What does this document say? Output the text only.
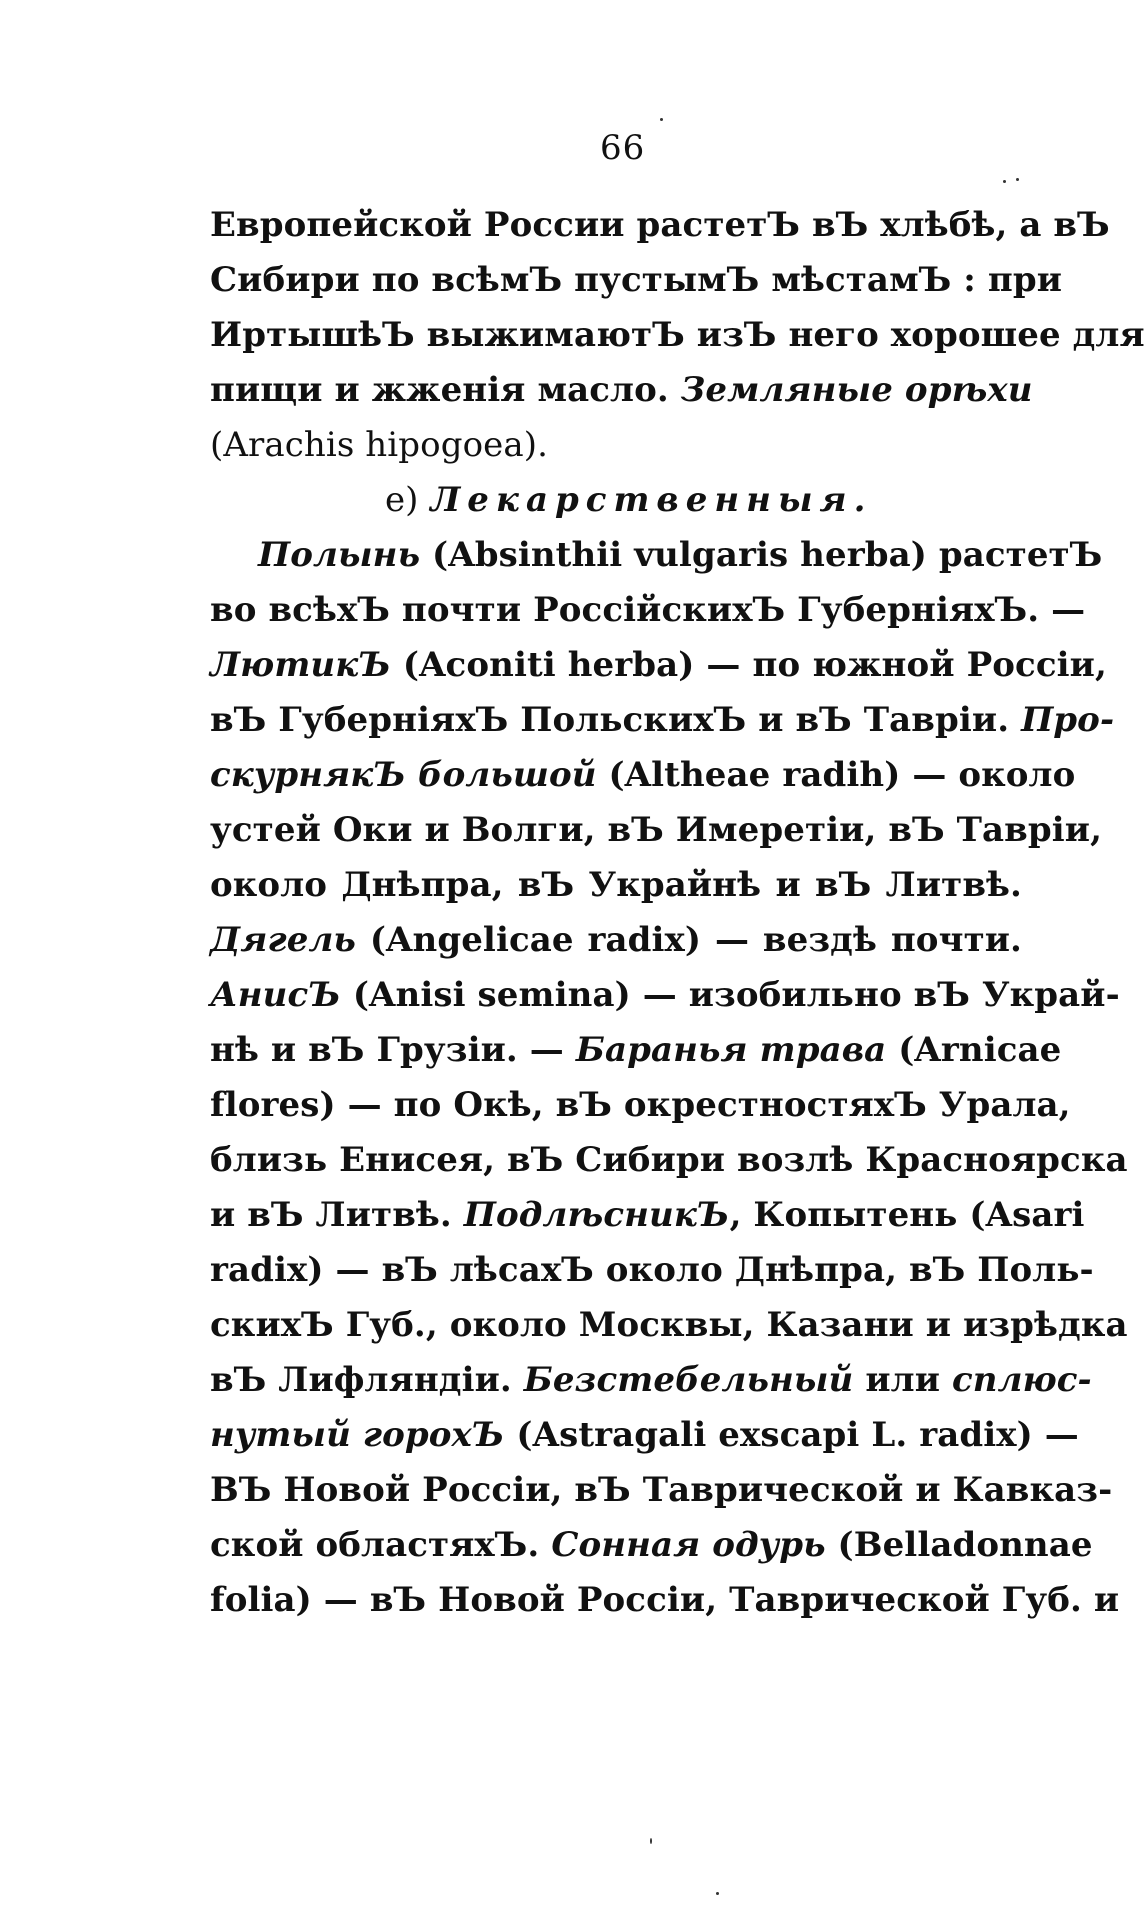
66
Европейской России растетЪ вЪ хлѣбѣ, а вЪ
Сибири по всѣмЪ пустымЪ мѣстамЪ : при
ИртышѣЪ выжимаютЪ изЪ него хорошее для
пищи и жженія масло. Земляные орѣхи
(Arachis hipogoea).
е) Лекарственныя.
Полынь (Absinthii vulgaris herba) растетЪ
во всѣхЪ почти РоссійскихЪ ГуберніяхЪ. —
ЛютикЪ (Aconiti herba) — по южной Россіи,
вЪ ГуберніяхЪ ПольскихЪ и вЪ Тавріи. Про-
скурнякЪ большой (Altheae radih) — около
устей Оки и Волги, вЪ Имеретіи, вЪ Тавріи,
около Днѣпра, вЪ Украйнѣ и вЪ Литвѣ.
Дягель (Angelicae radix) — вездѣ почти.
АнисЪ (Anisi semina) — изобильно вЪ Украй-
нѣ и вЪ Грузіи. — Баранья трава (Arnicae
flores) — по Окѣ, вЪ окрестностяхЪ Урала,
близь Енисея, вЪ Сибири возлѣ Красноярска
и вЪ Литвѣ. ПодлѣсникЪ, Копытень (Asari
radix) — вЪ лѣсахЪ около Днѣпра, вЪ Поль-
скихЪ Губ., около Москвы, Казани и изрѣдка
вЪ Лифляндіи. Безстебельный или сплюс-
нутый горохЪ (Astragali exscapi L. radix) —
ВЪ Новой Россіи, вЪ Таврической и Кавказ-
ской областяхЪ. Сонная одурь (Belladonnae
folia) — вЪ Новой Россіи, Таврической Губ. и
